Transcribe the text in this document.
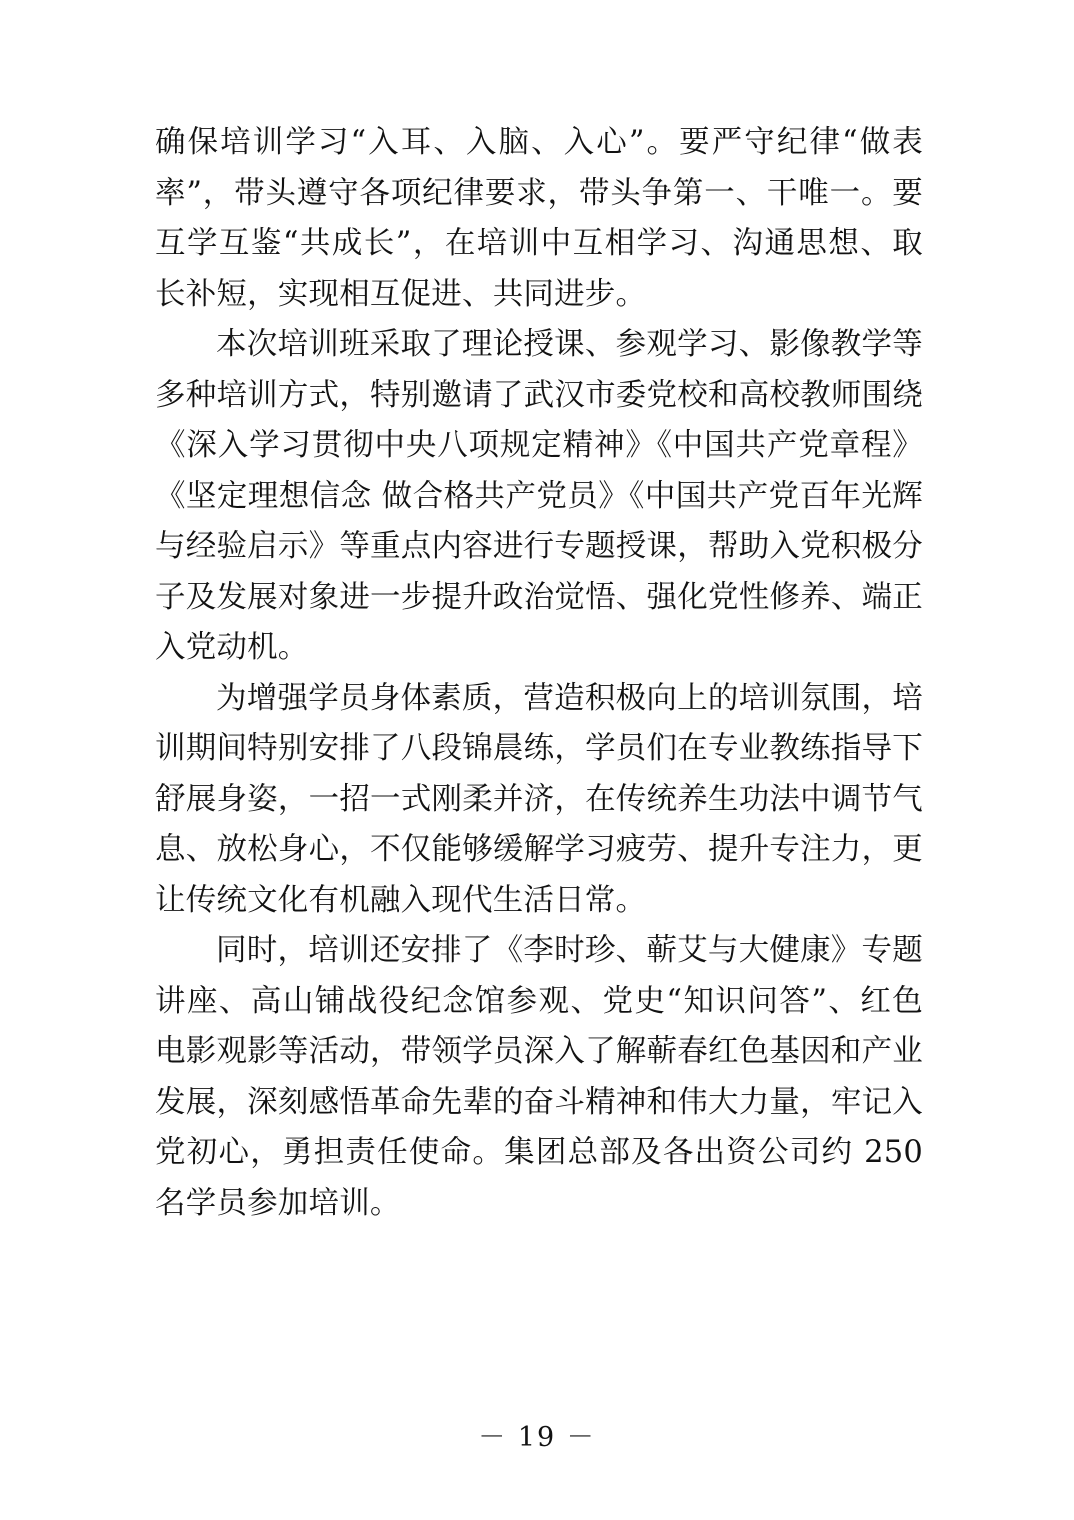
确保培训学习“入耳、入脑、入心”。要严守纪律“做表率”，带头遵守各项纪律要求，带头争第一、干唯一。要互学互鉴“共成长”，在培训中互相学习、沟通思想、取长补短，实现相互促进、共同进步。

本次培训班采取了理论授课、参观学习、影像教学等多种培训方式，特别邀请了武汉市委党校和高校教师围绕《深入学习贯彻中央八项规定精神》《中国共产党章程》《坚定理想信念 做合格共产党员》《中国共产党百年光辉与经验启示》等重点内容进行专题授课，帮助入党积极分子及发展对象进一步提升政治觉悟、强化党性修养、端正入党动机。

为增强学员身体素质，营造积极向上的培训氛围，培训期间特别安排了八段锦晨练，学员们在专业教练指导下舒展身姿，一招一式刚柔并济，在传统养生功法中调节气息、放松身心，不仅能够缓解学习疲劳、提升专注力，更让传统文化有机融入现代生活日常。

同时，培训还安排了《李时珍、蕲艾与大健康》专题讲座、高山铺战役纪念馆参观、党史“知识问答”、红色电影观影等活动，带领学员深入了解蕲春红色基因和产业发展，深刻感悟革命先辈的奋斗精神和伟大力量，牢记入党初心，勇担责任使命。集团总部及各出资公司约 250 名学员参加培训。

－ 19 －
